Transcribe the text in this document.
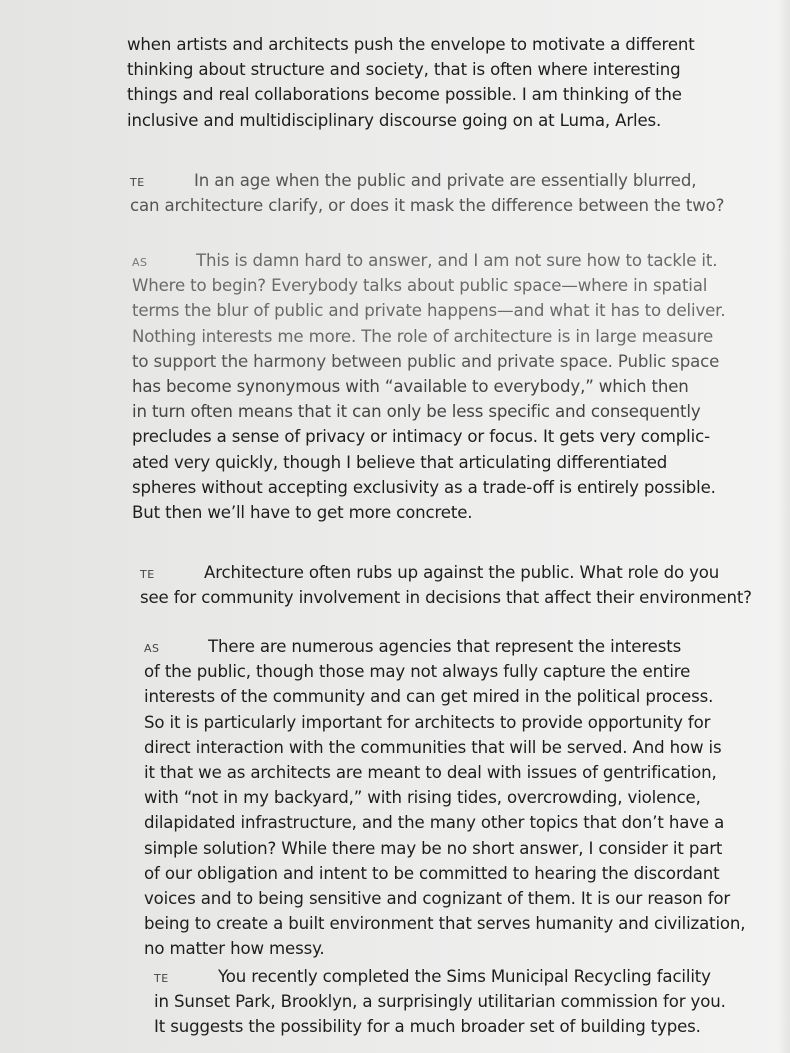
when artists and architects push the envelope to motivate a different
thinking about structure and society, that is often where interesting
things and real collaborations become possible. I am thinking of the
inclusive and multidisciplinary discourse going on at Luma, Arles.
TE	In an age when the public and private are essentially blurred,
can architecture clarify, or does it mask the difference between the two?
AS	This is damn hard to answer, and I am not sure how to tackle it.
Where to begin? Everybody talks about public space—where in spatial
terms the blur of public and private happens—and what it has to deliver.
Nothing interests me more. The role of architecture is in large measure
to support the harmony between public and private space. Public space
has become synonymous with “available to everybody,” which then
in turn often means that it can only be less specific and consequently
precludes a sense of privacy or intimacy or focus. It gets very complic-
ated very quickly, though I believe that articulating differentiated
spheres without accepting exclusivity as a trade-off is entirely possible.
But then we’ll have to get more concrete.
TE	Architecture often rubs up against the public. What role do you
see for community involvement in decisions that affect their environment?
AS	There are numerous agencies that represent the interests
of the public, though those may not always fully capture the entire
interests of the community and can get mired in the political process.
So it is particularly important for architects to provide opportunity for
direct interaction with the communities that will be served. And how is
it that we as architects are meant to deal with issues of gentrification,
with “not in my backyard,” with rising tides, overcrowding, violence,
dilapidated infrastructure, and the many other topics that don’t have a
simple solution? While there may be no short answer, I consider it part
of our obligation and intent to be committed to hearing the discordant
voices and to being sensitive and cognizant of them. It is our reason for
being to create a built environment that serves humanity and civilization,
no matter how messy.
TE	You recently completed the Sims Municipal Recycling facility
in Sunset Park, Brooklyn, a surprisingly utilitarian commission for you.
It suggests the possibility for a much broader set of building types.
